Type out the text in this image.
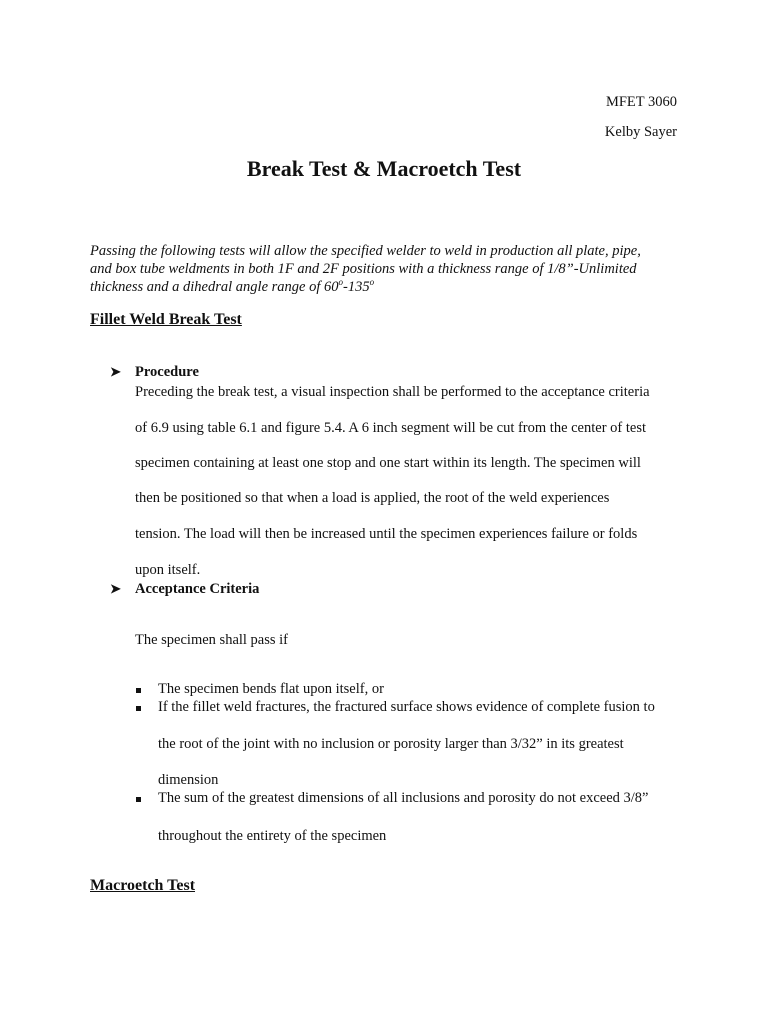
MFET 3060
Kelby Sayer
Break Test & Macroetch Test
Passing the following tests will allow the specified welder to weld in production all plate, pipe,
and box tube weldments in both 1F and 2F positions with a thickness range of 1/8”-Unlimited
thickness and a dihedral angle range of 60$^o$-135$^o$
Fillet Weld Break Test
➤ Procedure
Preceding the break test, a visual inspection shall be performed to the acceptance criteria
of 6.9 using table 6.1 and figure 5.4. A 6 inch segment will be cut from the center of test
specimen containing at least one stop and one start within its length. The specimen will
then be positioned so that when a load is applied, the root of the weld experiences
tension. The load will then be increased until the specimen experiences failure or folds
upon itself.
➤ Acceptance Criteria
The specimen shall pass if
The specimen bends flat upon itself, or
If the fillet weld fractures, the fractured surface shows evidence of complete fusion to
the root of the joint with no inclusion or porosity larger than 3/32” in its greatest
dimension
The sum of the greatest dimensions of all inclusions and porosity do not exceed 3/8”
throughout the entirety of the specimen
Macroetch Test
